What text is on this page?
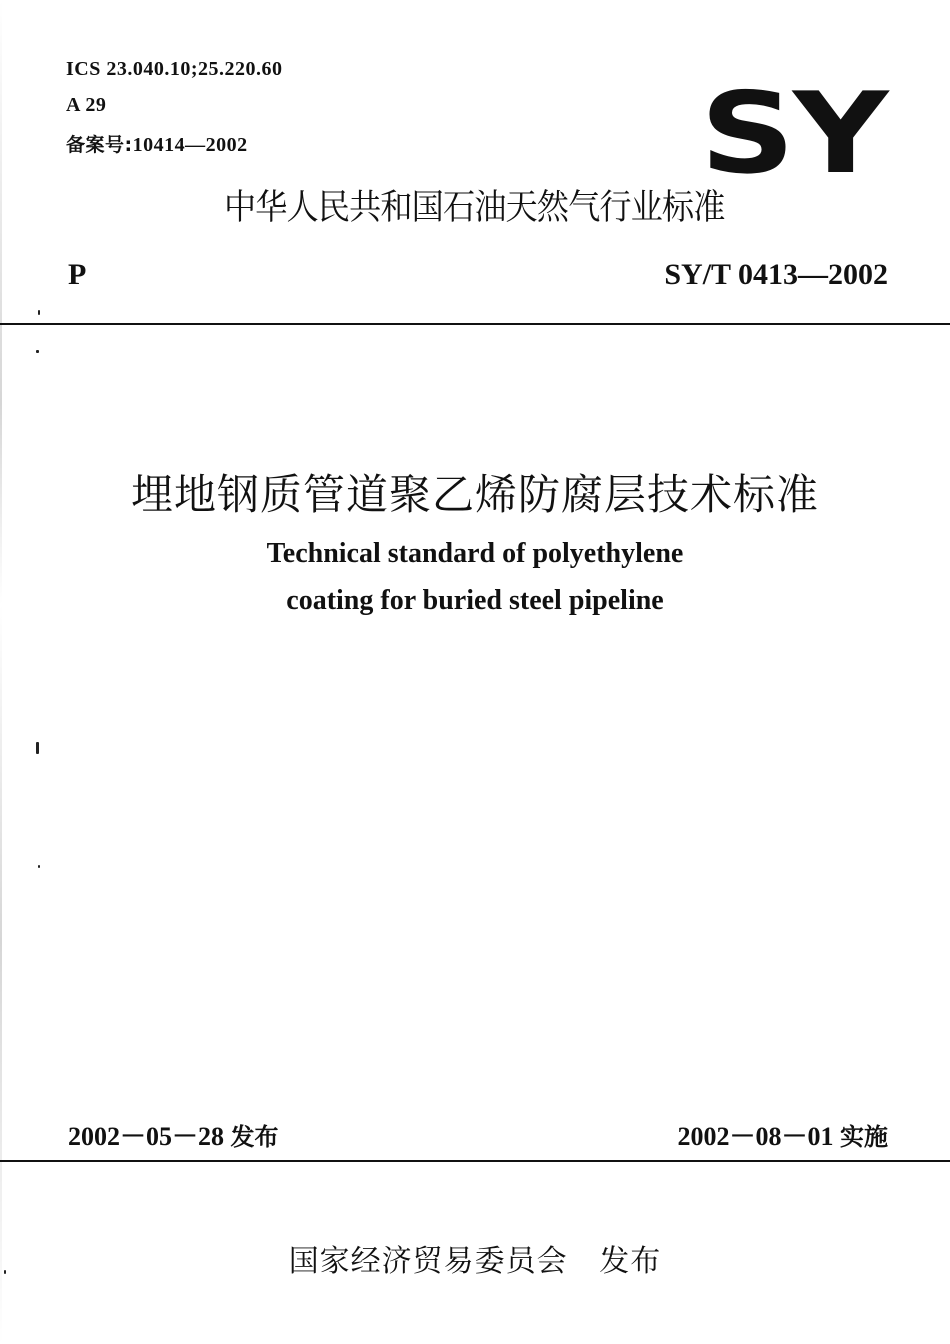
ICS 23.040.10;25.220.60
A 29
备案号:10414—2002	SY
中华人民共和国石油天然气行业标准
P	SY/T 0413—2002
埋地钢质管道聚乙烯防腐层技术标准
Technical standard of polyethylene
coating for buried steel pipeline
2002－05－28 发布	2002－08－01 实施
国家经济贸易委员会 发布
